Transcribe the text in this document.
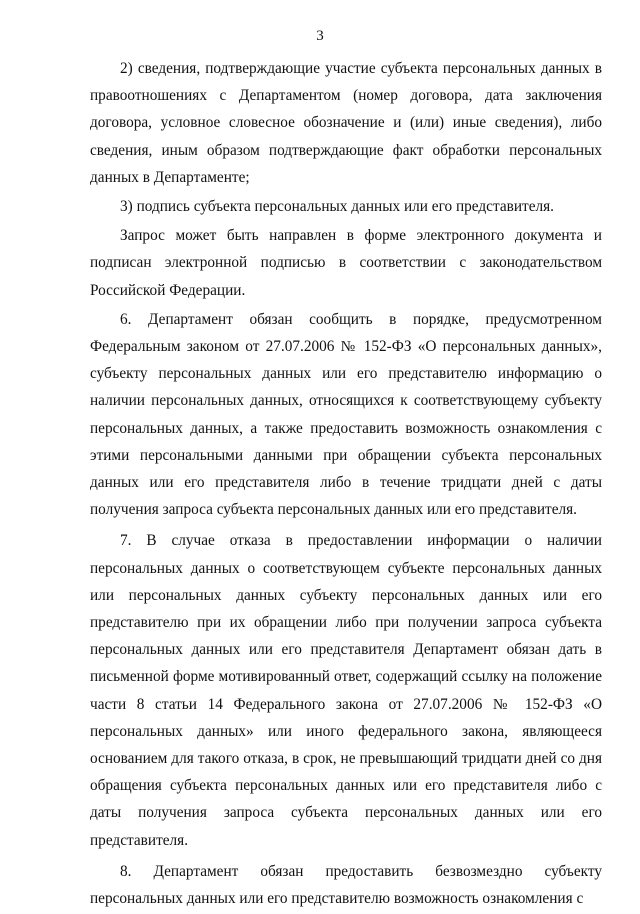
3

2) сведения, подтверждающие участие субъекта персональных данных в правоотношениях с Департаментом (номер договора, дата заключения договора, условное словесное обозначение и (или) иные сведения), либо сведения, иным образом подтверждающие факт обработки персональных данных в Департаменте;

3) подпись субъекта персональных данных или его представителя.

Запрос может быть направлен в форме электронного документа и подписан электронной подписью в соответствии с законодательством Российской Федерации.

6. Департамент обязан сообщить в порядке, предусмотренном Федеральным законом от 27.07.2006 № 152-ФЗ «О персональных данных», субъекту персональных данных или его представителю информацию о наличии персональных данных, относящихся к соответствующему субъекту персональных данных, а также предоставить возможность ознакомления с этими персональными данными при обращении субъекта персональных данных или его представителя либо в течение тридцати дней с даты получения запроса субъекта персональных данных или его представителя.

7. В случае отказа в предоставлении информации о наличии персональных данных о соответствующем субъекте персональных данных или персональных данных субъекту персональных данных или его представителю при их обращении либо при получении запроса субъекта персональных данных или его представителя Департамент обязан дать в письменной форме мотивированный ответ, содержащий ссылку на положение части 8 статьи 14 Федерального закона от 27.07.2006 № 152-ФЗ «О персональных данных» или иного федерального закона, являющееся основанием для такого отказа, в срок, не превышающий тридцати дней со дня обращения субъекта персональных данных или его представителя либо с даты получения запроса субъекта персональных данных или его представителя.

8. Департамент обязан предоставить безвозмездно субъекту персональных данных или его представителю возможность ознакомления с
